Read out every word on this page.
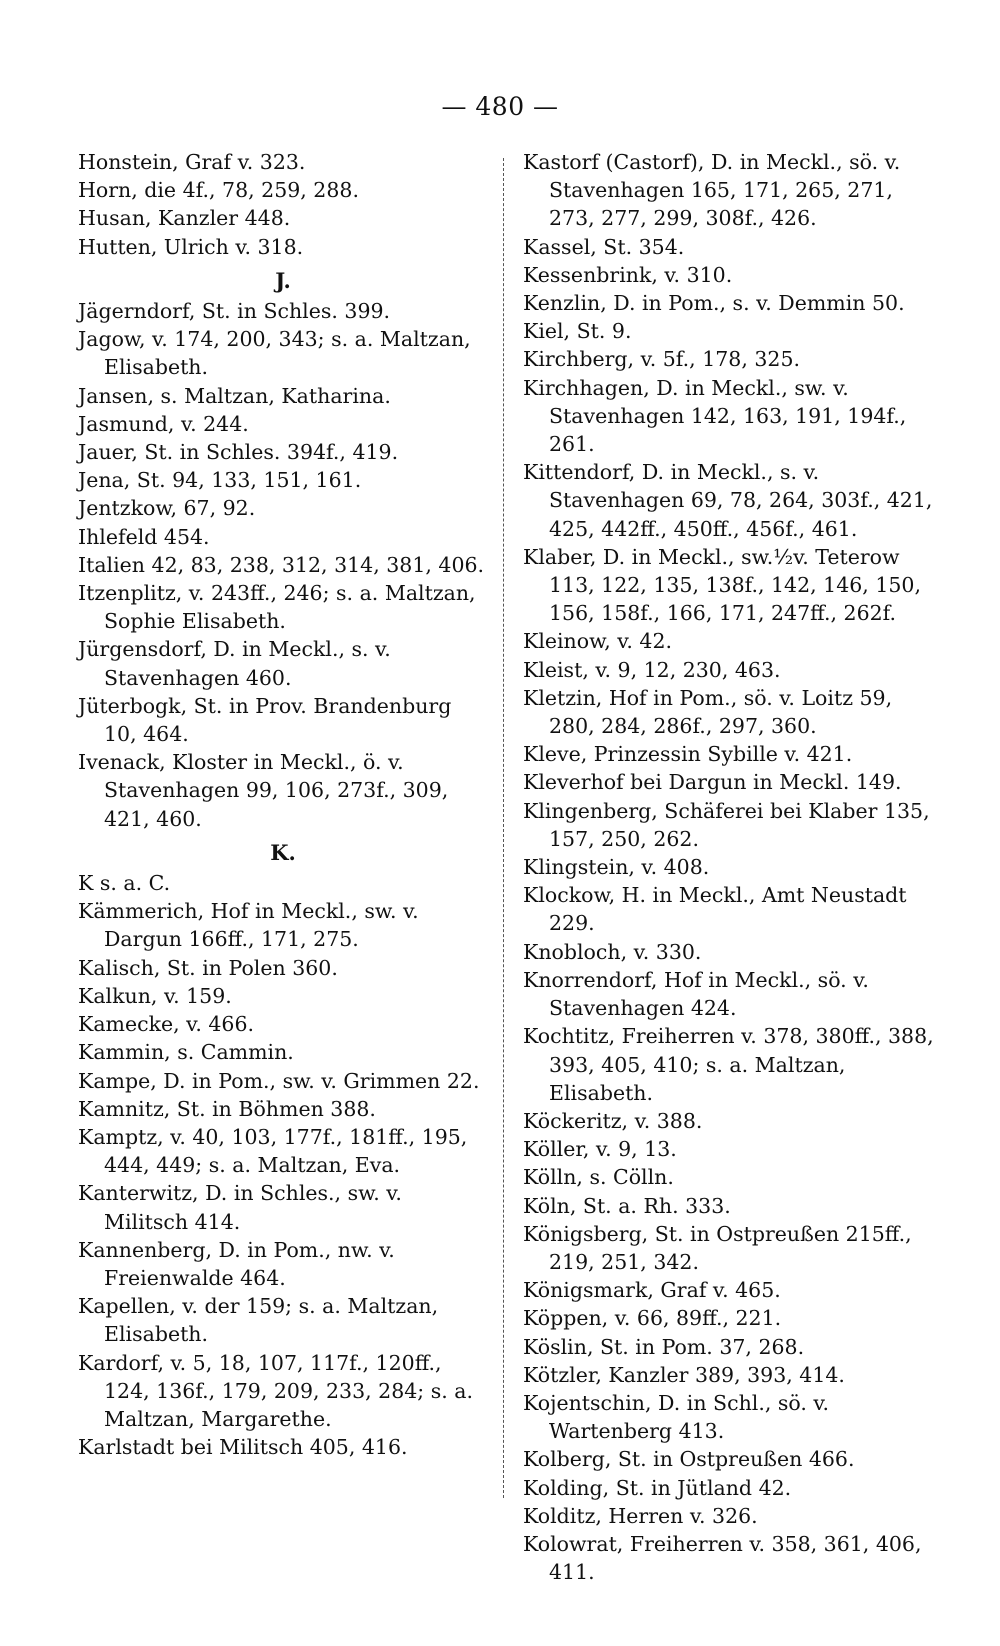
— 480 —

Honstein, Graf v. 323.

Horn, die 4f., 78, 259, 288.

Husan, Kanzler 448.

Hutten, Ulrich v. 318.

J.

Jägerndorf, St. in Schles. 399.

Jagow, v. 174, 200, 343; s. a. Maltzan, Elisabeth.

Jansen, s. Maltzan, Katharina.

Jasmund, v. 244.

Jauer, St. in Schles. 394f., 419.

Jena, St. 94, 133, 151, 161.

Jentzkow, 67, 92.

Ihlefeld 454.

Italien 42, 83, 238, 312, 314, 381, 406.

Itzenplitz, v. 243ff., 246; s. a. Maltzan, Sophie Elisabeth.

Jürgensdorf, D. in Meckl., s. v. Stavenhagen 460.

Jüterbogk, St. in Prov. Brandenburg 10, 464.

Ivenack, Kloster in Meckl., ö. v. Stavenhagen 99, 106, 273f., 309, 421, 460.

K.

K s. a. C.

Kämmerich, Hof in Meckl., sw. v. Dargun 166ff., 171, 275.

Kalisch, St. in Polen 360.

Kalkun, v. 159.

Kamecke, v. 466.

Kammin, s. Cammin.

Kampe, D. in Pom., sw. v. Grimmen 22.

Kamnitz, St. in Böhmen 388.

Kamptz, v. 40, 103, 177f., 181ff., 195, 444, 449; s. a. Maltzan, Eva.

Kanterwitz, D. in Schles., sw. v. Militsch 414.

Kannenberg, D. in Pom., nw. v. Freienwalde 464.

Kapellen, v. der 159; s. a. Maltzan, Elisabeth.

Kardorf, v. 5, 18, 107, 117f., 120ff., 124, 136f., 179, 209, 233, 284; s. a. Maltzan, Margarethe.

Karlstadt bei Militsch 405, 416.

Kastorf (Castorf), D. in Meckl., sö. v. Stavenhagen 165, 171, 265, 271, 273, 277, 299, 308f., 426.

Kassel, St. 354.

Kessenbrink, v. 310.

Kenzlin, D. in Pom., s. v. Demmin 50.

Kiel, St. 9.

Kirchberg, v. 5f., 178, 325.

Kirchhagen, D. in Meckl., sw. v. Stavenhagen 142, 163, 191, 194f., 261.

Kittendorf, D. in Meckl., s. v. Stavenhagen 69, 78, 264, 303f., 421, 425, 442ff., 450ff., 456f., 461.

Klaber, D. in Meckl., sw.½v. Teterow 113, 122, 135, 138f., 142, 146, 150, 156, 158f., 166, 171, 247ff., 262f.

Kleinow, v. 42.

Kleist, v. 9, 12, 230, 463.

Kletzin, Hof in Pom., sö. v. Loitz 59, 280, 284, 286f., 297, 360.

Kleve, Prinzessin Sybille v. 421.

Kleverhof bei Dargun in Meckl. 149.

Klingenberg, Schäferei bei Klaber 135, 157, 250, 262.

Klingstein, v. 408.

Klockow, H. in Meckl., Amt Neustadt 229.

Knobloch, v. 330.

Knorrendorf, Hof in Meckl., sö. v. Stavenhagen 424.

Kochtitz, Freiherren v. 378, 380ff., 388, 393, 405, 410; s. a. Maltzan, Elisabeth.

Köckeritz, v. 388.

Köller, v. 9, 13.

Kölln, s. Cölln.

Köln, St. a. Rh. 333.

Königsberg, St. in Ostpreußen 215ff., 219, 251, 342.

Königsmark, Graf v. 465.

Köppen, v. 66, 89ff., 221.

Köslin, St. in Pom. 37, 268.

Kötzler, Kanzler 389, 393, 414.

Kojentschin, D. in Schl., sö. v. Wartenberg 413.

Kolberg, St. in Ostpreußen 466.

Kolding, St. in Jütland 42.

Kolditz, Herren v. 326.

Kolowrat, Freiherren v. 358, 361, 406, 411.
